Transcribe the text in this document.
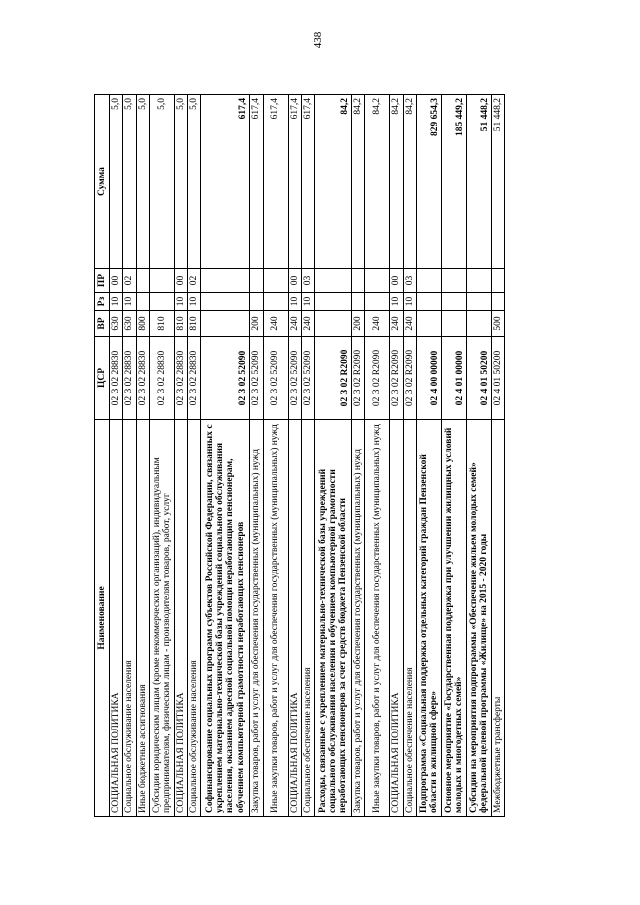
438
Наименование	ЦСР	ВР	Рз	ПР	Сумма
СОЦИАЛЬНАЯ ПОЛИТИКА	02 3 02 28830	630	10	00	5,0
Социальное обслуживание населения	02 3 02 28830	630	10	02	5,0
Иные бюджетные ассигнования	02 3 02 28830	800			5,0
Субсидии юридическим лицам (кроме некоммерческих организаций), индивидуальным предпринимателям, физическим лицам - производителям товаров, работ, услуг	02 3 02 28830	810			5,0
СОЦИАЛЬНАЯ ПОЛИТИКА	02 3 02 28830	810	10	00	5,0
Социальное обслуживание населения	02 3 02 28830	810	10	02	5,0
Софинансирование социальных программ субъектов Российской Федерации, связанных с укреплением материально-технической базы учреждений социального обслуживания населения, оказанием адресной социальной помощи неработающим пенсионерам, обучением компьютерной грамотности неработающих пенсионеров	02 3 02 52090				617,4
Закупка товаров, работ и услуг для обеспечения государственных (муниципальных) нужд	02 3 02 52090	200			617,4
Иные закупки товаров, работ и услуг для обеспечения государственных (муниципальных) нужд	02 3 02 52090	240			617,4
СОЦИАЛЬНАЯ ПОЛИТИКА	02 3 02 52090	240	10	00	617,4
Социальное обеспечение населения	02 3 02 52090	240	10	03	617,4
Расходы, связанные с укреплением материально-технической базы учреждений социального обслуживания населения и обучением компьютерной грамотности неработающих пенсионеров за счет средств бюджета Пензенской области	02 3 02 R2090				84,2
Закупка товаров, работ и услуг для обеспечения государственных (муниципальных) нужд	02 3 02 R2090	200			84,2
Иные закупки товаров, работ и услуг для обеспечения государственных (муниципальных) нужд	02 3 02 R2090	240			84,2
СОЦИАЛЬНАЯ ПОЛИТИКА	02 3 02 R2090	240	10	00	84,2
Социальное обеспечение населения	02 3 02 R2090	240	10	03	84,2
Подпрограмма «Социальная поддержка отдельных категорий граждан Пензенской области в жилищной сфере»	02 4 00 00000				829 654,3
Основное мероприятие «Государственная поддержка при улучшении жилищных условий молодых и многодетных семей»	02 4 01 00000				185 449,2
Субсидии на мероприятия подпрограммы «Обеспечение жильем молодых семей» федеральной целевой программы «Жилище» на 2015 - 2020 годы	02 4 01 50200				51 448,2
Межбюджетные трансферты	02 4 01 50200	500			51 448,2
